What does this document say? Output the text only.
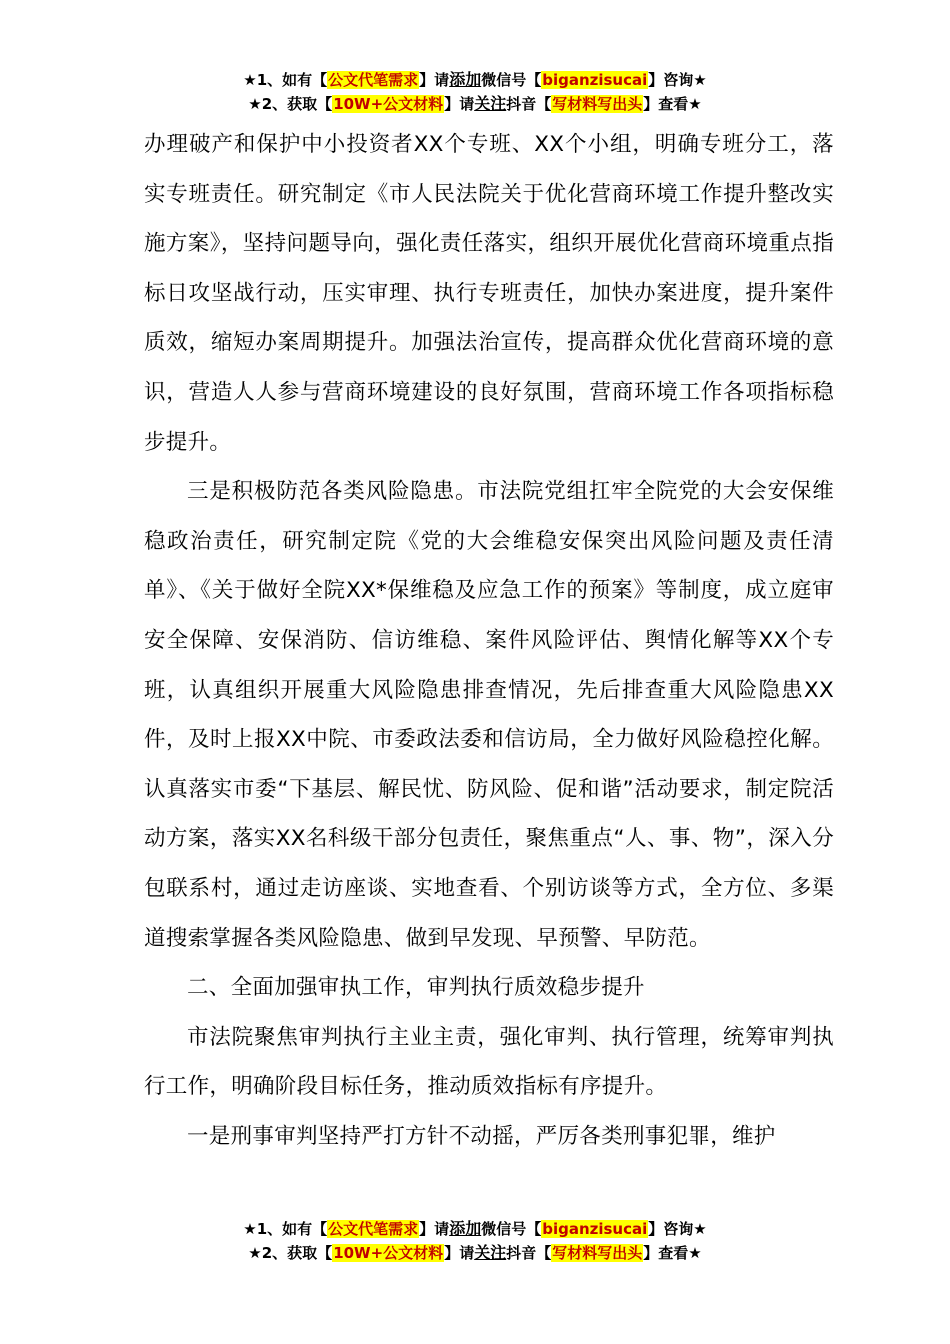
★1、如有【公文代笔需求】请添加微信号【biganzisucai】咨询★
★2、获取【10W+公文材料】请关注抖音【写材料写出头】查看★

办理破产和保护中小投资者XX个专班、XX个小组，明确专班分工，落实专班责任。研究制定《市人民法院关于优化营商环境工作提升整改实施方案》，坚持问题导向，强化责任落实，组织开展优化营商环境重点指标日攻坚战行动，压实审理、执行专班责任，加快办案进度，提升案件质效，缩短办案周期提升。加强法治宣传，提高群众优化营商环境的意识，营造人人参与营商环境建设的良好氛围，营商环境工作各项指标稳步提升。

三是积极防范各类风险隐患。市法院党组扛牢全院党的大会安保维稳政治责任，研究制定院《党的大会维稳安保突出风险问题及责任清单》、《关于做好全院XX*保维稳及应急工作的预案》等制度，成立庭审安全保障、安保消防、信访维稳、案件风险评估、舆情化解等XX个专班，认真组织开展重大风险隐患排查情况，先后排查重大风险隐患XX件，及时上报XX中院、市委政法委和信访局，全力做好风险稳控化解。认真落实市委“下基层、解民忧、防风险、促和谐”活动要求，制定院活动方案，落实XX名科级干部分包责任，聚焦重点“人、事、物”，深入分包联系村，通过走访座谈、实地查看、个别访谈等方式，全方位、多渠道搜索掌握各类风险隐患、做到早发现、早预警、早防范。

二、全面加强审执工作，审判执行质效稳步提升

市法院聚焦审判执行主业主责，强化审判、执行管理，统筹审判执行工作，明确阶段目标任务，推动质效指标有序提升。

一是刑事审判坚持严打方针不动摇，严厉各类刑事犯罪，维护

★1、如有【公文代笔需求】请添加微信号【biganzisucai】咨询★
★2、获取【10W+公文材料】请关注抖音【写材料写出头】查看★
